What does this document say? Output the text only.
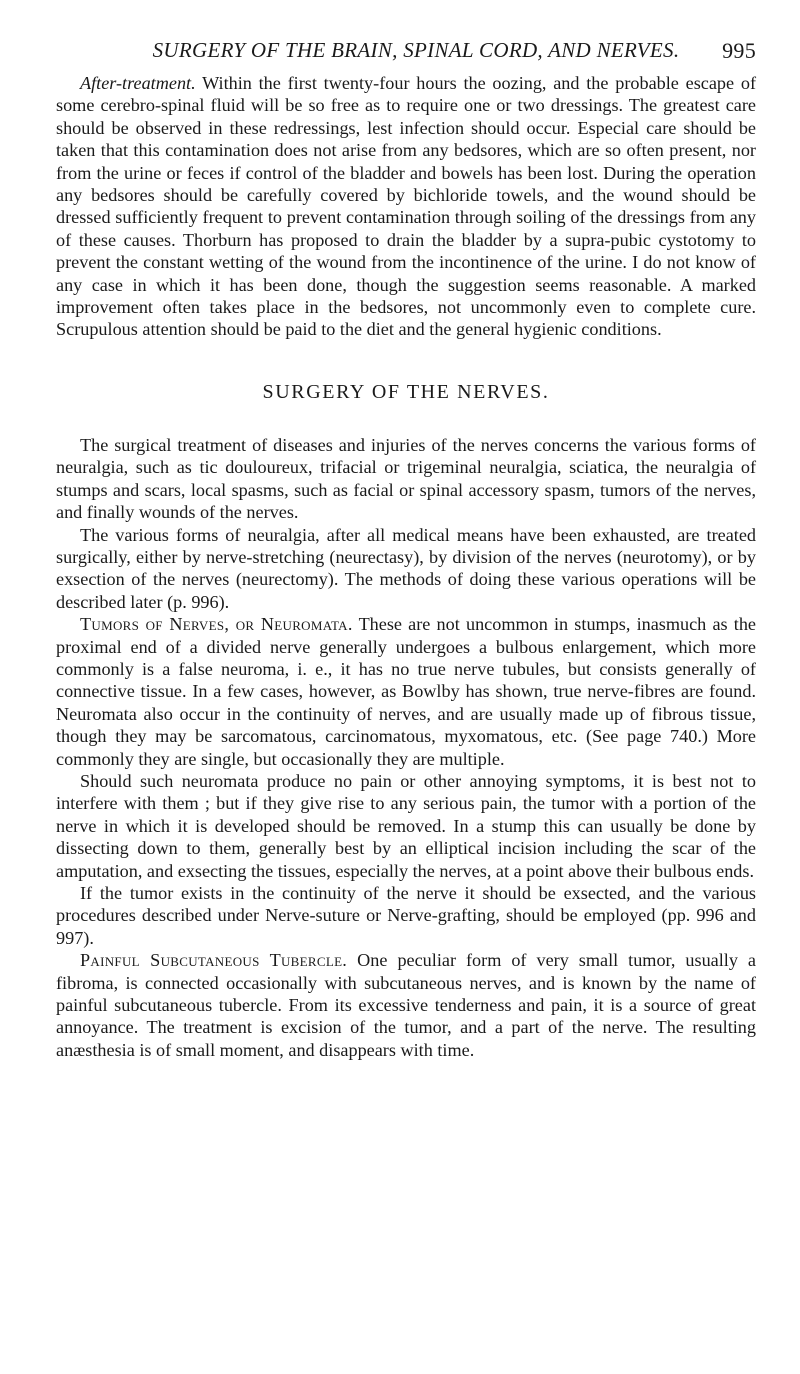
SURGERY OF THE BRAIN, SPINAL CORD, AND NERVES. 995

After-treatment. Within the first twenty-four hours the oozing, and the probable escape of some cerebro-spinal fluid will be so free as to require one or two dressings. The greatest care should be observed in these redressings, lest infection should occur. Especial care should be taken that this contamination does not arise from any bedsores, which are so often present, nor from the urine or feces if control of the bladder and bowels has been lost. During the operation any bedsores should be carefully covered by bichloride towels, and the wound should be dressed sufficiently frequent to prevent contamination through soiling of the dressings from any of these causes. Thorburn has proposed to drain the bladder by a supra-pubic cystotomy to prevent the constant wetting of the wound from the incontinence of the urine. I do not know of any case in which it has been done, though the suggestion seems reasonable. A marked improvement often takes place in the bedsores, not uncommonly even to complete cure. Scrupulous attention should be paid to the diet and the general hygienic conditions.

SURGERY OF THE NERVES.

The surgical treatment of diseases and injuries of the nerves concerns the various forms of neuralgia, such as tic douloureux, trifacial or trigeminal neuralgia, sciatica, the neuralgia of stumps and scars, local spasms, such as facial or spinal accessory spasm, tumors of the nerves, and finally wounds of the nerves.

The various forms of neuralgia, after all medical means have been exhausted, are treated surgically, either by nerve-stretching (neurectasy), by division of the nerves (neurotomy), or by exsection of the nerves (neurectomy). The methods of doing these various operations will be described later (p. 996).

Tumors of Nerves, or Neuromata. These are not uncommon in stumps, inasmuch as the proximal end of a divided nerve generally undergoes a bulbous enlargement, which more commonly is a false neuroma, i. e., it has no true nerve tubules, but consists generally of connective tissue. In a few cases, however, as Bowlby has shown, true nerve-fibres are found. Neuromata also occur in the continuity of nerves, and are usually made up of fibrous tissue, though they may be sarcomatous, carcinomatous, myxomatous, etc. (See page 740.) More commonly they are single, but occasionally they are multiple.

Should such neuromata produce no pain or other annoying symptoms, it is best not to interfere with them ; but if they give rise to any serious pain, the tumor with a portion of the nerve in which it is developed should be removed. In a stump this can usually be done by dissecting down to them, generally best by an elliptical incision including the scar of the amputation, and exsecting the tissues, especially the nerves, at a point above their bulbous ends.

If the tumor exists in the continuity of the nerve it should be exsected, and the various procedures described under Nerve-suture or Nerve-grafting, should be employed (pp. 996 and 997).

Painful Subcutaneous Tubercle. One peculiar form of very small tumor, usually a fibroma, is connected occasionally with subcutaneous nerves, and is known by the name of painful subcutaneous tubercle. From its excessive tenderness and pain, it is a source of great annoyance. The treatment is excision of the tumor, and a part of the nerve. The resulting anæsthesia is of small moment, and disappears with time.
